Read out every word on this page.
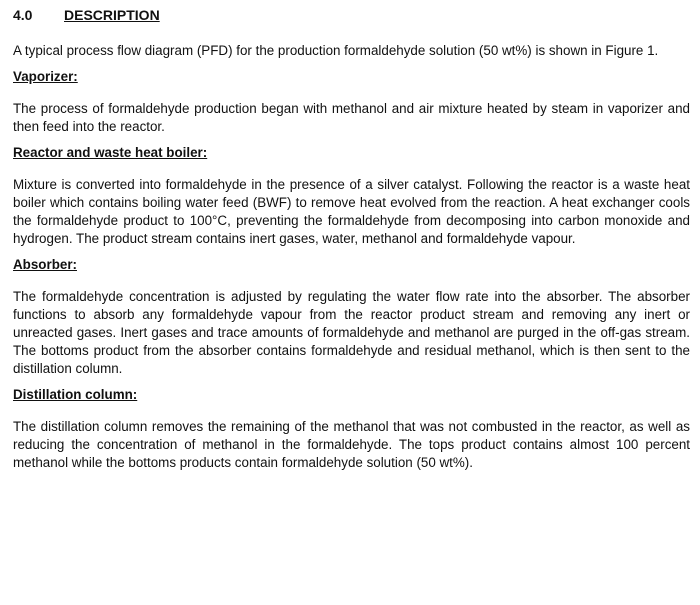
4.0	DESCRIPTION

A typical process flow diagram (PFD) for the production formaldehyde solution (50 wt%) is shown in Figure 1.

Vaporizer:

The process of formaldehyde production began with methanol and air mixture heated by steam in vaporizer and then feed into the reactor.

Reactor and waste heat boiler:

Mixture is converted into formaldehyde in the presence of a silver catalyst. Following the reactor is a waste heat boiler which contains boiling water feed (BWF) to remove heat evolved from the reaction. A heat exchanger cools the formaldehyde product to 100°C, preventing the formaldehyde from decomposing into carbon monoxide and hydrogen. The product stream contains inert gases, water, methanol and formaldehyde vapour.

Absorber:

The formaldehyde concentration is adjusted by regulating the water flow rate into the absorber. The absorber functions to absorb any formaldehyde vapour from the reactor product stream and removing any inert or unreacted gases. Inert gases and trace amounts of formaldehyde and methanol are purged in the off-gas stream. The bottoms product from the absorber contains formaldehyde and residual methanol, which is then sent to the distillation column.

Distillation column:

The distillation column removes the remaining of the methanol that was not combusted in the reactor, as well as reducing the concentration of methanol in the formaldehyde. The tops product contains almost 100 percent methanol while the bottoms products contain formaldehyde solution (50 wt%).
